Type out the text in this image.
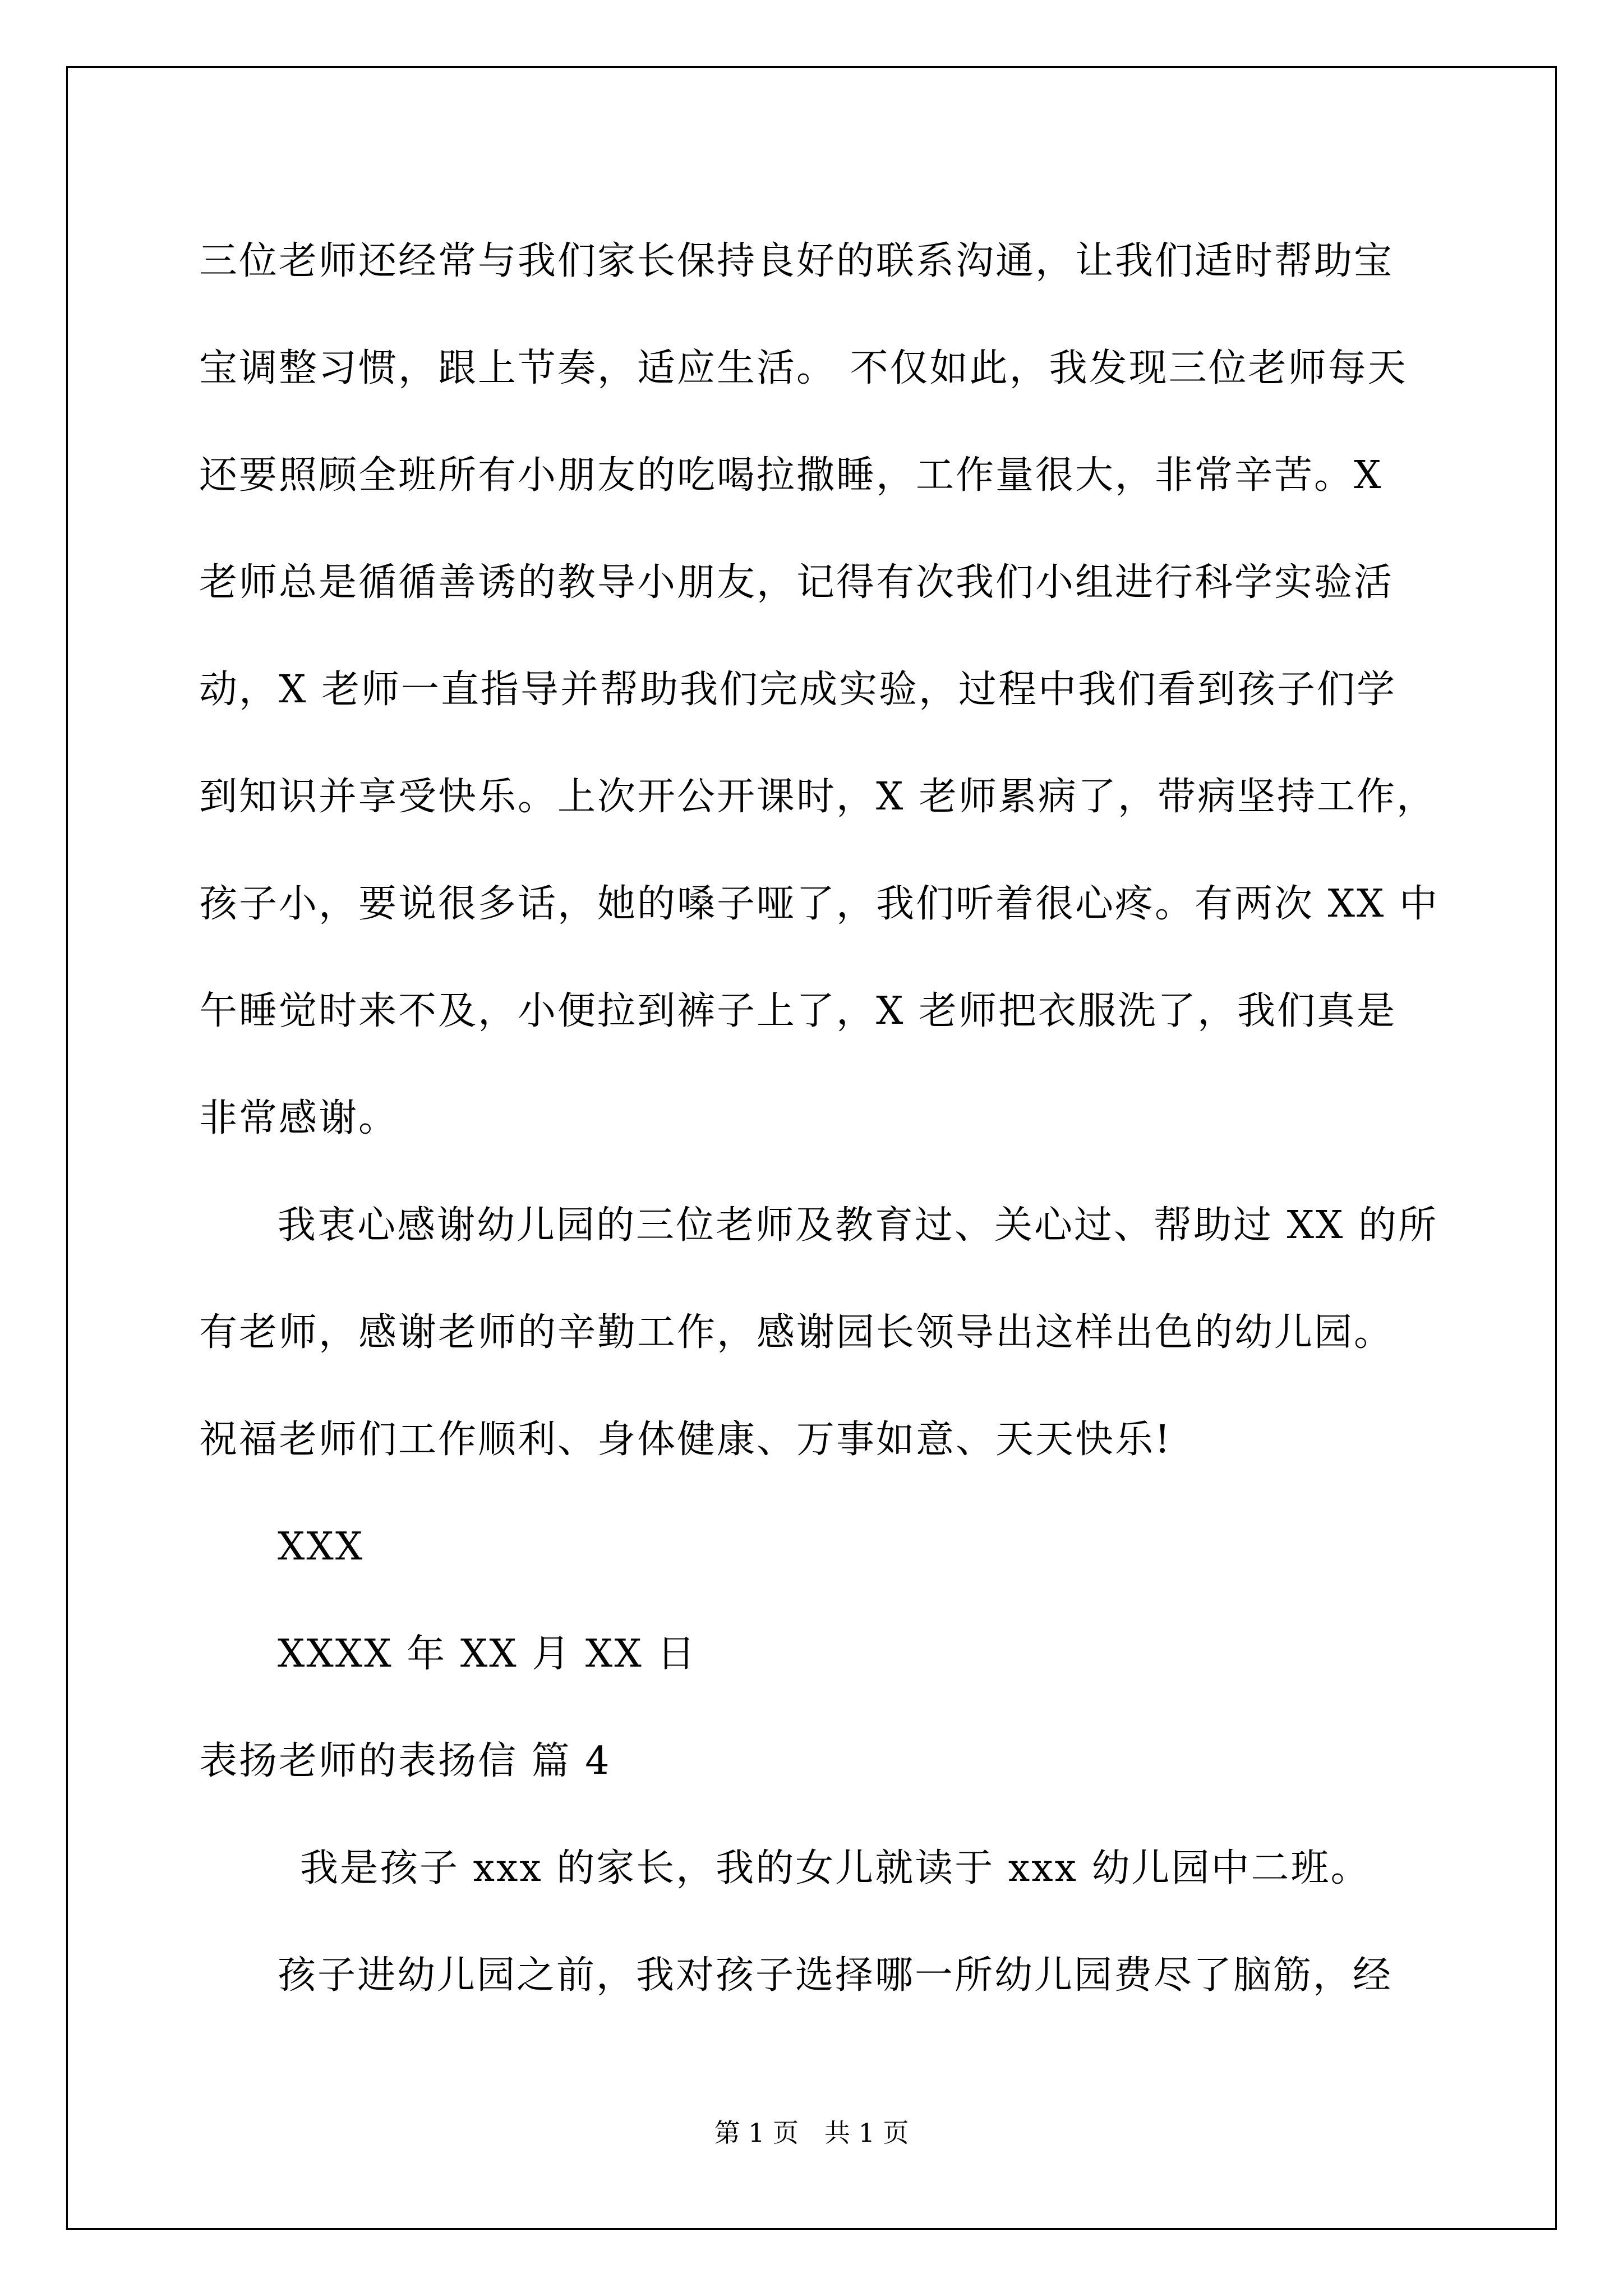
三位老师还经常与我们家长保持良好的联系沟通，让我们适时帮助宝
宝调整习惯，跟上节奏，适应生活。 不仅如此，我发现三位老师每天
还要照顾全班所有小朋友的吃喝拉撒睡，工作量很大，非常辛苦。X
老师总是循循善诱的教导小朋友，记得有次我们小组进行科学实验活
动，X 老师一直指导并帮助我们完成实验，过程中我们看到孩子们学
到知识并享受快乐。上次开公开课时，X 老师累病了，带病坚持工作，
孩子小，要说很多话，她的嗓子哑了，我们听着很心疼。有两次 XX 中
午睡觉时来不及，小便拉到裤子上了，X 老师把衣服洗了，我们真是
非常感谢。
我衷心感谢幼儿园的三位老师及教育过、关心过、帮助过 XX 的所
有老师，感谢老师的辛勤工作，感谢园长领导出这样出色的幼儿园。
祝福老师们工作顺利、身体健康、万事如意、天天快乐!
XXX
XXXX 年 XX 月 XX 日
表扬老师的表扬信 篇 4
我是孩子 xxx 的家长，我的女儿就读于 xxx 幼儿园中二班。
孩子进幼儿园之前，我对孩子选择哪一所幼儿园费尽了脑筋，经
第 1 页　共 1 页
